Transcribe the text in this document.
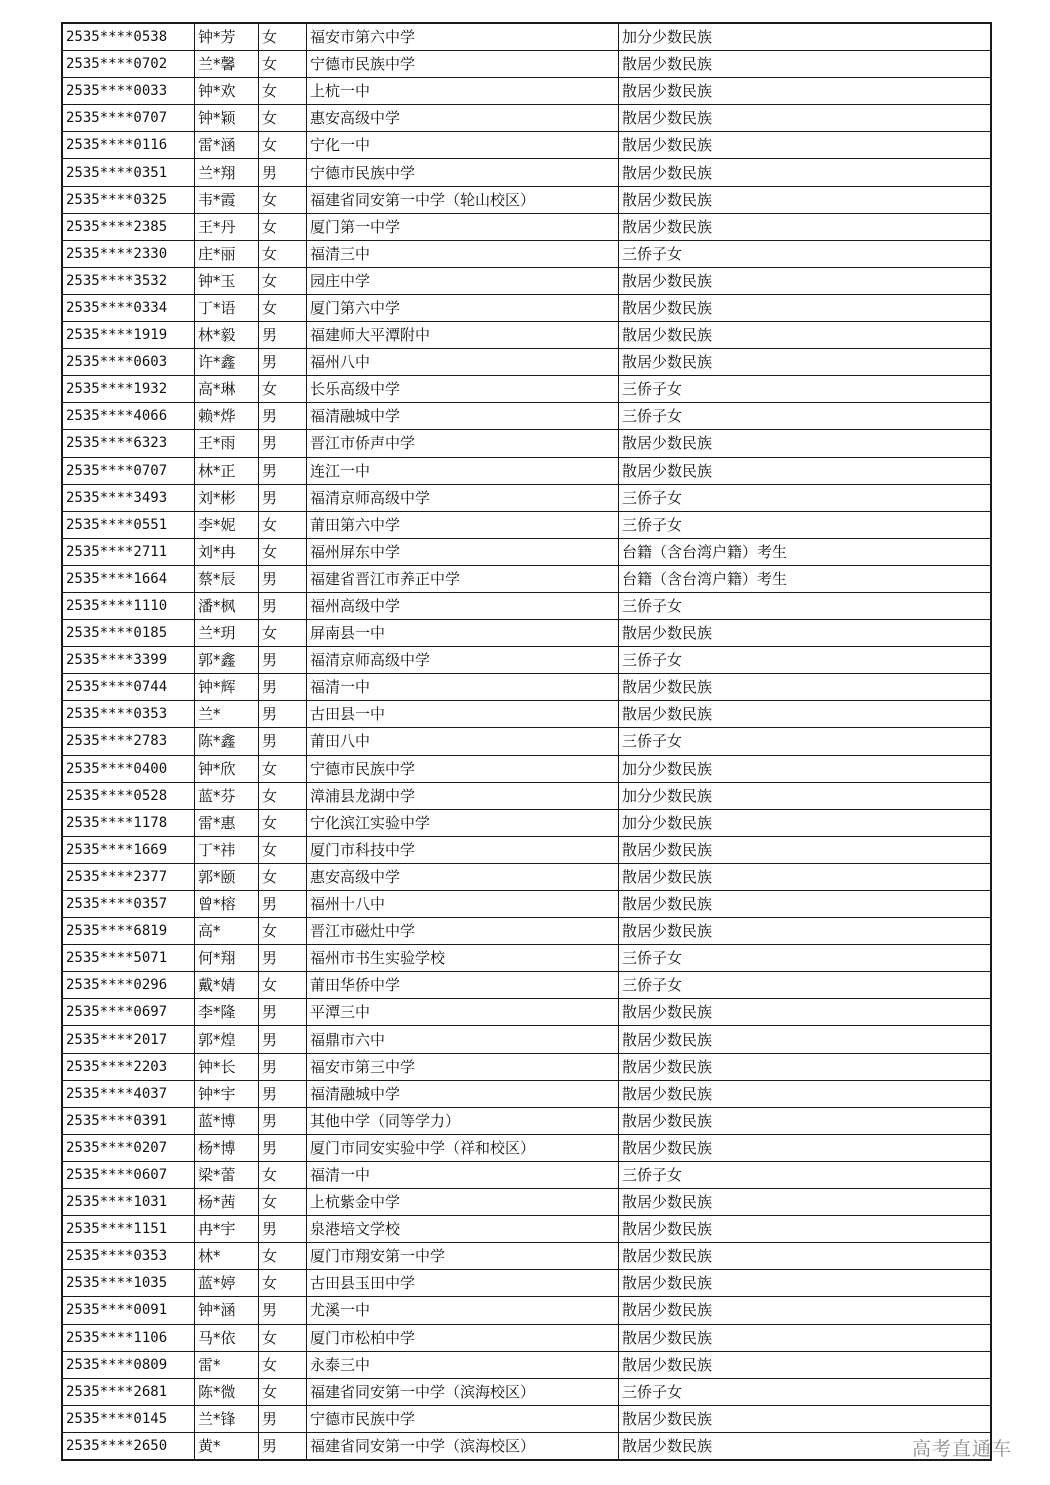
2535****0538	钟*芳	女	福安市第六中学	加分少数民族
2535****0702	兰*馨	女	宁德市民族中学	散居少数民族
2535****0033	钟*欢	女	上杭一中	散居少数民族
2535****0707	钟*颖	女	惠安高级中学	散居少数民族
2535****0116	雷*涵	女	宁化一中	散居少数民族
2535****0351	兰*翔	男	宁德市民族中学	散居少数民族
2535****0325	韦*霞	女	福建省同安第一中学（轮山校区）	散居少数民族
2535****2385	王*丹	女	厦门第一中学	散居少数民族
2535****2330	庄*丽	女	福清三中	三侨子女
2535****3532	钟*玉	女	园庄中学	散居少数民族
2535****0334	丁*语	女	厦门第六中学	散居少数民族
2535****1919	林*毅	男	福建师大平潭附中	散居少数民族
2535****0603	许*鑫	男	福州八中	散居少数民族
2535****1932	高*琳	女	长乐高级中学	三侨子女
2535****4066	赖*烨	男	福清融城中学	三侨子女
2535****6323	王*雨	男	晋江市侨声中学	散居少数民族
2535****0707	林*正	男	连江一中	散居少数民族
2535****3493	刘*彬	男	福清京师高级中学	三侨子女
2535****0551	李*妮	女	莆田第六中学	三侨子女
2535****2711	刘*冉	女	福州屏东中学	台籍（含台湾户籍）考生
2535****1664	蔡*辰	男	福建省晋江市养正中学	台籍（含台湾户籍）考生
2535****1110	潘*枫	男	福州高级中学	三侨子女
2535****0185	兰*玥	女	屏南县一中	散居少数民族
2535****3399	郭*鑫	男	福清京师高级中学	三侨子女
2535****0744	钟*辉	男	福清一中	散居少数民族
2535****0353	兰*	男	古田县一中	散居少数民族
2535****2783	陈*鑫	男	莆田八中	三侨子女
2535****0400	钟*欣	女	宁德市民族中学	加分少数民族
2535****0528	蓝*芬	女	漳浦县龙湖中学	加分少数民族
2535****1178	雷*惠	女	宁化滨江实验中学	加分少数民族
2535****1669	丁*祎	女	厦门市科技中学	散居少数民族
2535****2377	郭*颐	女	惠安高级中学	散居少数民族
2535****0357	曾*榕	男	福州十八中	散居少数民族
2535****6819	高*	女	晋江市磁灶中学	散居少数民族
2535****5071	何*翔	男	福州市书生实验学校	三侨子女
2535****0296	戴*婧	女	莆田华侨中学	三侨子女
2535****0697	李*隆	男	平潭三中	散居少数民族
2535****2017	郭*煌	男	福鼎市六中	散居少数民族
2535****2203	钟*长	男	福安市第三中学	散居少数民族
2535****4037	钟*宇	男	福清融城中学	散居少数民族
2535****0391	蓝*博	男	其他中学（同等学力）	散居少数民族
2535****0207	杨*博	男	厦门市同安实验中学（祥和校区）	散居少数民族
2535****0607	梁*蕾	女	福清一中	三侨子女
2535****1031	杨*茜	女	上杭紫金中学	散居少数民族
2535****1151	冉*宇	男	泉港培文学校	散居少数民族
2535****0353	林*	女	厦门市翔安第一中学	散居少数民族
2535****1035	蓝*婷	女	古田县玉田中学	散居少数民族
2535****0091	钟*涵	男	尤溪一中	散居少数民族
2535****1106	马*依	女	厦门市松柏中学	散居少数民族
2535****0809	雷*	女	永泰三中	散居少数民族
2535****2681	陈*微	女	福建省同安第一中学（滨海校区）	三侨子女
2535****0145	兰*锋	男	宁德市民族中学	散居少数民族
2535****2650	黄*	男	福建省同安第一中学（滨海校区）	散居少数民族	高考直通车
